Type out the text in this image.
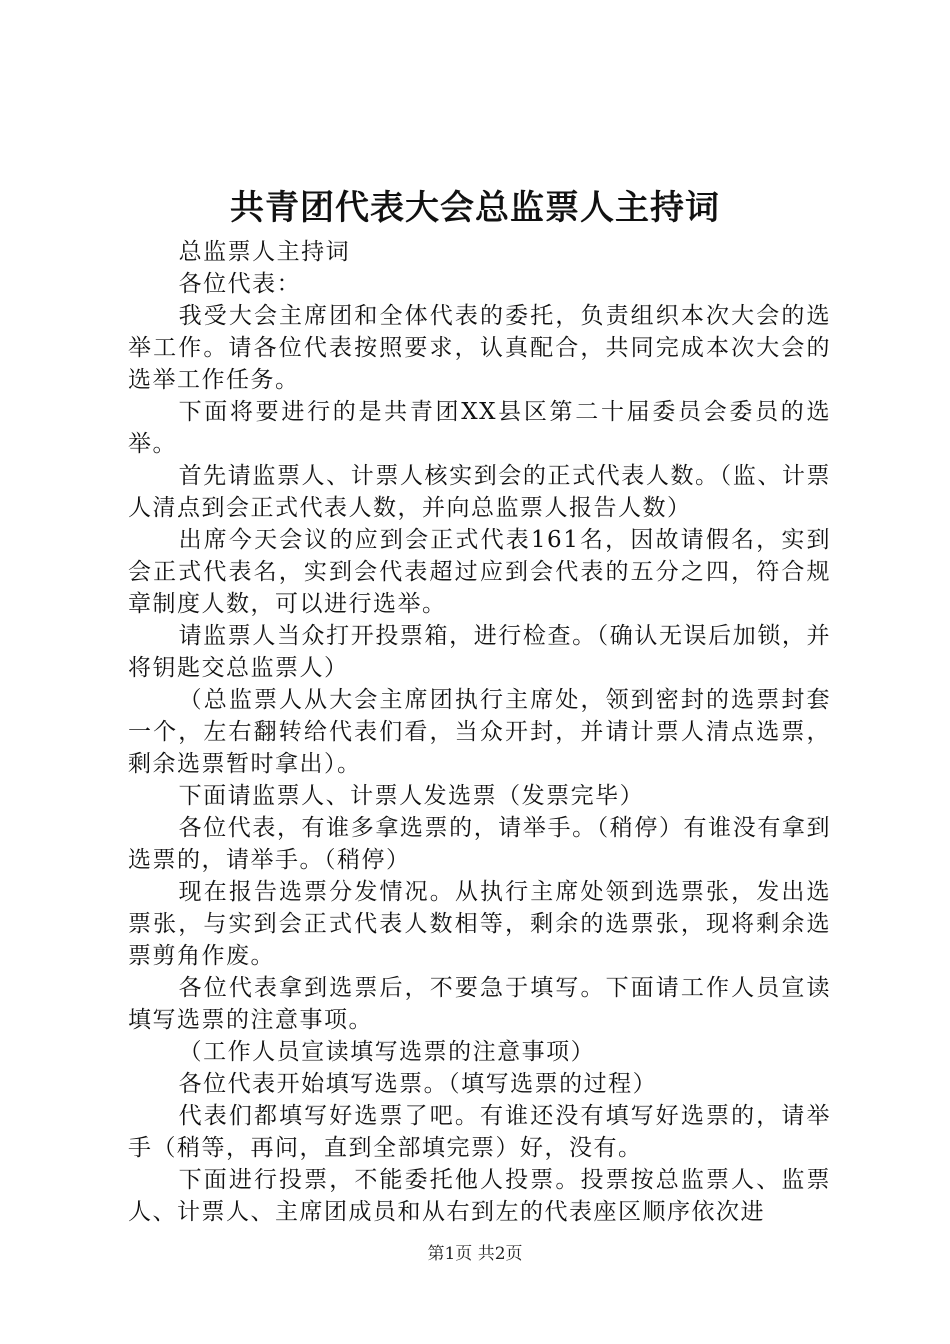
共青团代表大会总监票人主持词

总监票人主持词

各位代表：

我受大会主席团和全体代表的委托，负责组织本次大会的选举工作。请各位代表按照要求，认真配合，共同完成本次大会的选举工作任务。

下面将要进行的是共青团XX县区第二十届委员会委员的选举。

首先请监票人、计票人核实到会的正式代表人数。（监、计票人清点到会正式代表人数，并向总监票人报告人数）

出席今天会议的应到会正式代表161名，因故请假名，实到会正式代表名，实到会代表超过应到会代表的五分之四，符合规章制度人数，可以进行选举。

请监票人当众打开投票箱，进行检查。（确认无误后加锁，并将钥匙交总监票人）

（总监票人从大会主席团执行主席处，领到密封的选票封套一个，左右翻转给代表们看，当众开封，并请计票人清点选票，剩余选票暂时拿出）。

下面请监票人、计票人发选票（发票完毕）

各位代表，有谁多拿选票的，请举手。（稍停）有谁没有拿到选票的，请举手。（稍停）

现在报告选票分发情况。从执行主席处领到选票张，发出选票张，与实到会正式代表人数相等，剩余的选票张，现将剩余选票剪角作废。

各位代表拿到选票后，不要急于填写。下面请工作人员宣读填写选票的注意事项。

（工作人员宣读填写选票的注意事项）

各位代表开始填写选票。（填写选票的过程）

代表们都填写好选票了吧。有谁还没有填写好选票的，请举手（稍等，再问，直到全部填完票）好，没有。

下面进行投票，不能委托他人投票。投票按总监票人、监票人、计票人、主席团成员和从右到左的代表座区顺序依次进

第1页 共2页
